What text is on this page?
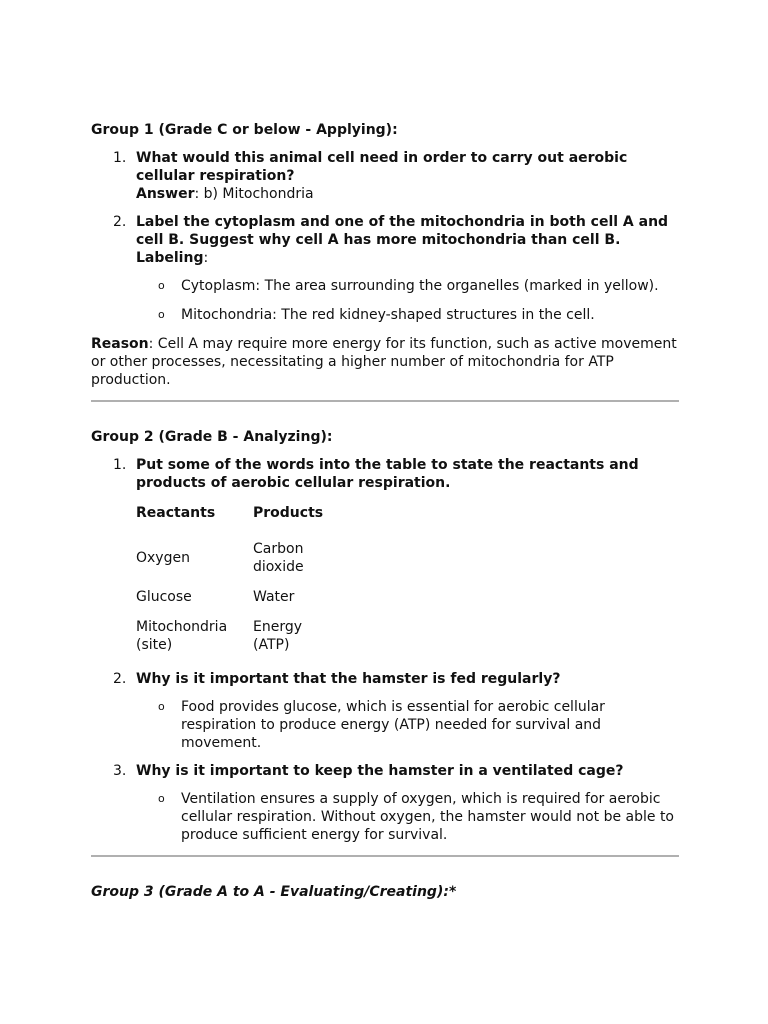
Group 1 (Grade C or below - Applying):

1. What would this animal cell need in order to carry out aerobic cellular respiration?
Answer: b) Mitochondria
2. Label the cytoplasm and one of the mitochondria in both cell A and cell B. Suggest why cell A has more mitochondria than cell B.
Labeling:
o Cytoplasm: The area surrounding the organelles (marked in yellow).
o Mitochondria: The red kidney-shaped structures in the cell.

Reason: Cell A may require more energy for its function, such as active movement or other processes, necessitating a higher number of mitochondria for ATP production.

Group 2 (Grade B - Analyzing):

1. Put some of the words into the table to state the reactants and products of aerobic cellular respiration.
Reactants	Products
Oxygen	Carbon dioxide
Glucose	Water
Mitochondria (site)	Energy (ATP)
2. Why is it important that the hamster is fed regularly?
o Food provides glucose, which is essential for aerobic cellular respiration to produce energy (ATP) needed for survival and movement.
3. Why is it important to keep the hamster in a ventilated cage?
o Ventilation ensures a supply of oxygen, which is required for aerobic cellular respiration. Without oxygen, the hamster would not be able to produce sufficient energy for survival.

Group 3 (Grade A to A - Evaluating/Creating):*
